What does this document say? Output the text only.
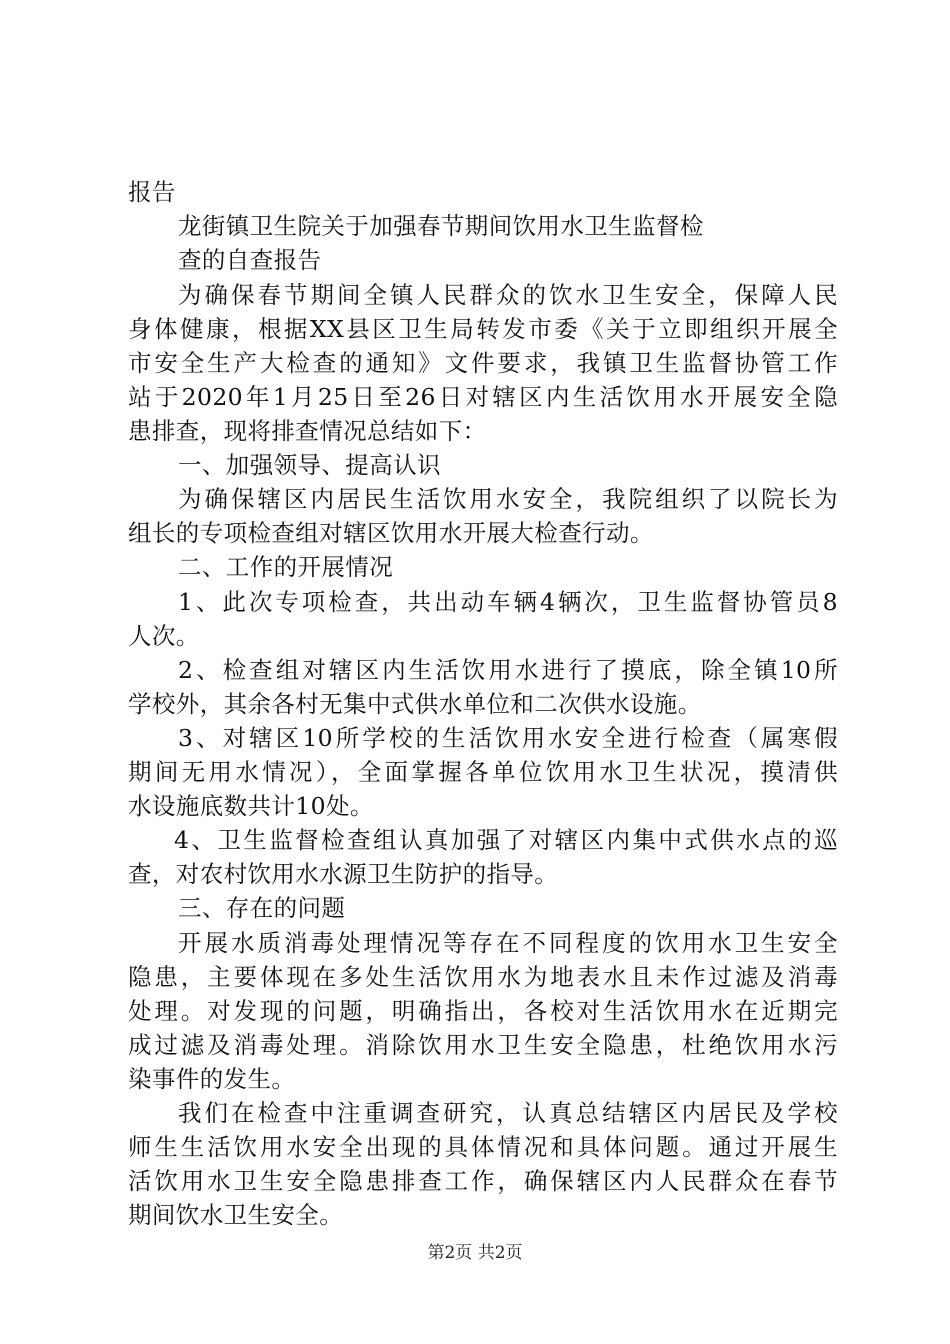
报告
龙街镇卫生院关于加强春节期间饮用水卫生监督检
查的自查报告
为确保春节期间全镇人民群众的饮水卫生安全，保障人民
身体健康，根据XX县区卫生局转发市委《关于立即组织开展全
市安全生产大检查的通知》文件要求，我镇卫生监督协管工作
站于2020年1月25日至26日对辖区内生活饮用水开展安全隐
患排查，现将排查情况总结如下：
一、加强领导、提高认识
为确保辖区内居民生活饮用水安全，我院组织了以院长为
组长的专项检查组对辖区饮用水开展大检查行动。
二、工作的开展情况
1、此次专项检查，共出动车辆4辆次，卫生监督协管员8
人次。
2、检查组对辖区内生活饮用水进行了摸底，除全镇10所
学校外，其余各村无集中式供水单位和二次供水设施。
3、对辖区10所学校的生活饮用水安全进行检查（属寒假
期间无用水情况），全面掌握各单位饮用水卫生状况，摸清供
水设施底数共计10处。
4、卫生监督检查组认真加强了对辖区内集中式供水点的巡
查，对农村饮用水水源卫生防护的指导。
三、存在的问题
开展水质消毒处理情况等存在不同程度的饮用水卫生安全
隐患，主要体现在多处生活饮用水为地表水且未作过滤及消毒
处理。对发现的问题，明确指出，各校对生活饮用水在近期完
成过滤及消毒处理。消除饮用水卫生安全隐患，杜绝饮用水污
染事件的发生。
我们在检查中注重调查研究，认真总结辖区内居民及学校
师生生活饮用水安全出现的具体情况和具体问题。通过开展生
活饮用水卫生安全隐患排查工作，确保辖区内人民群众在春节
期间饮水卫生安全。
第2页 共2页
